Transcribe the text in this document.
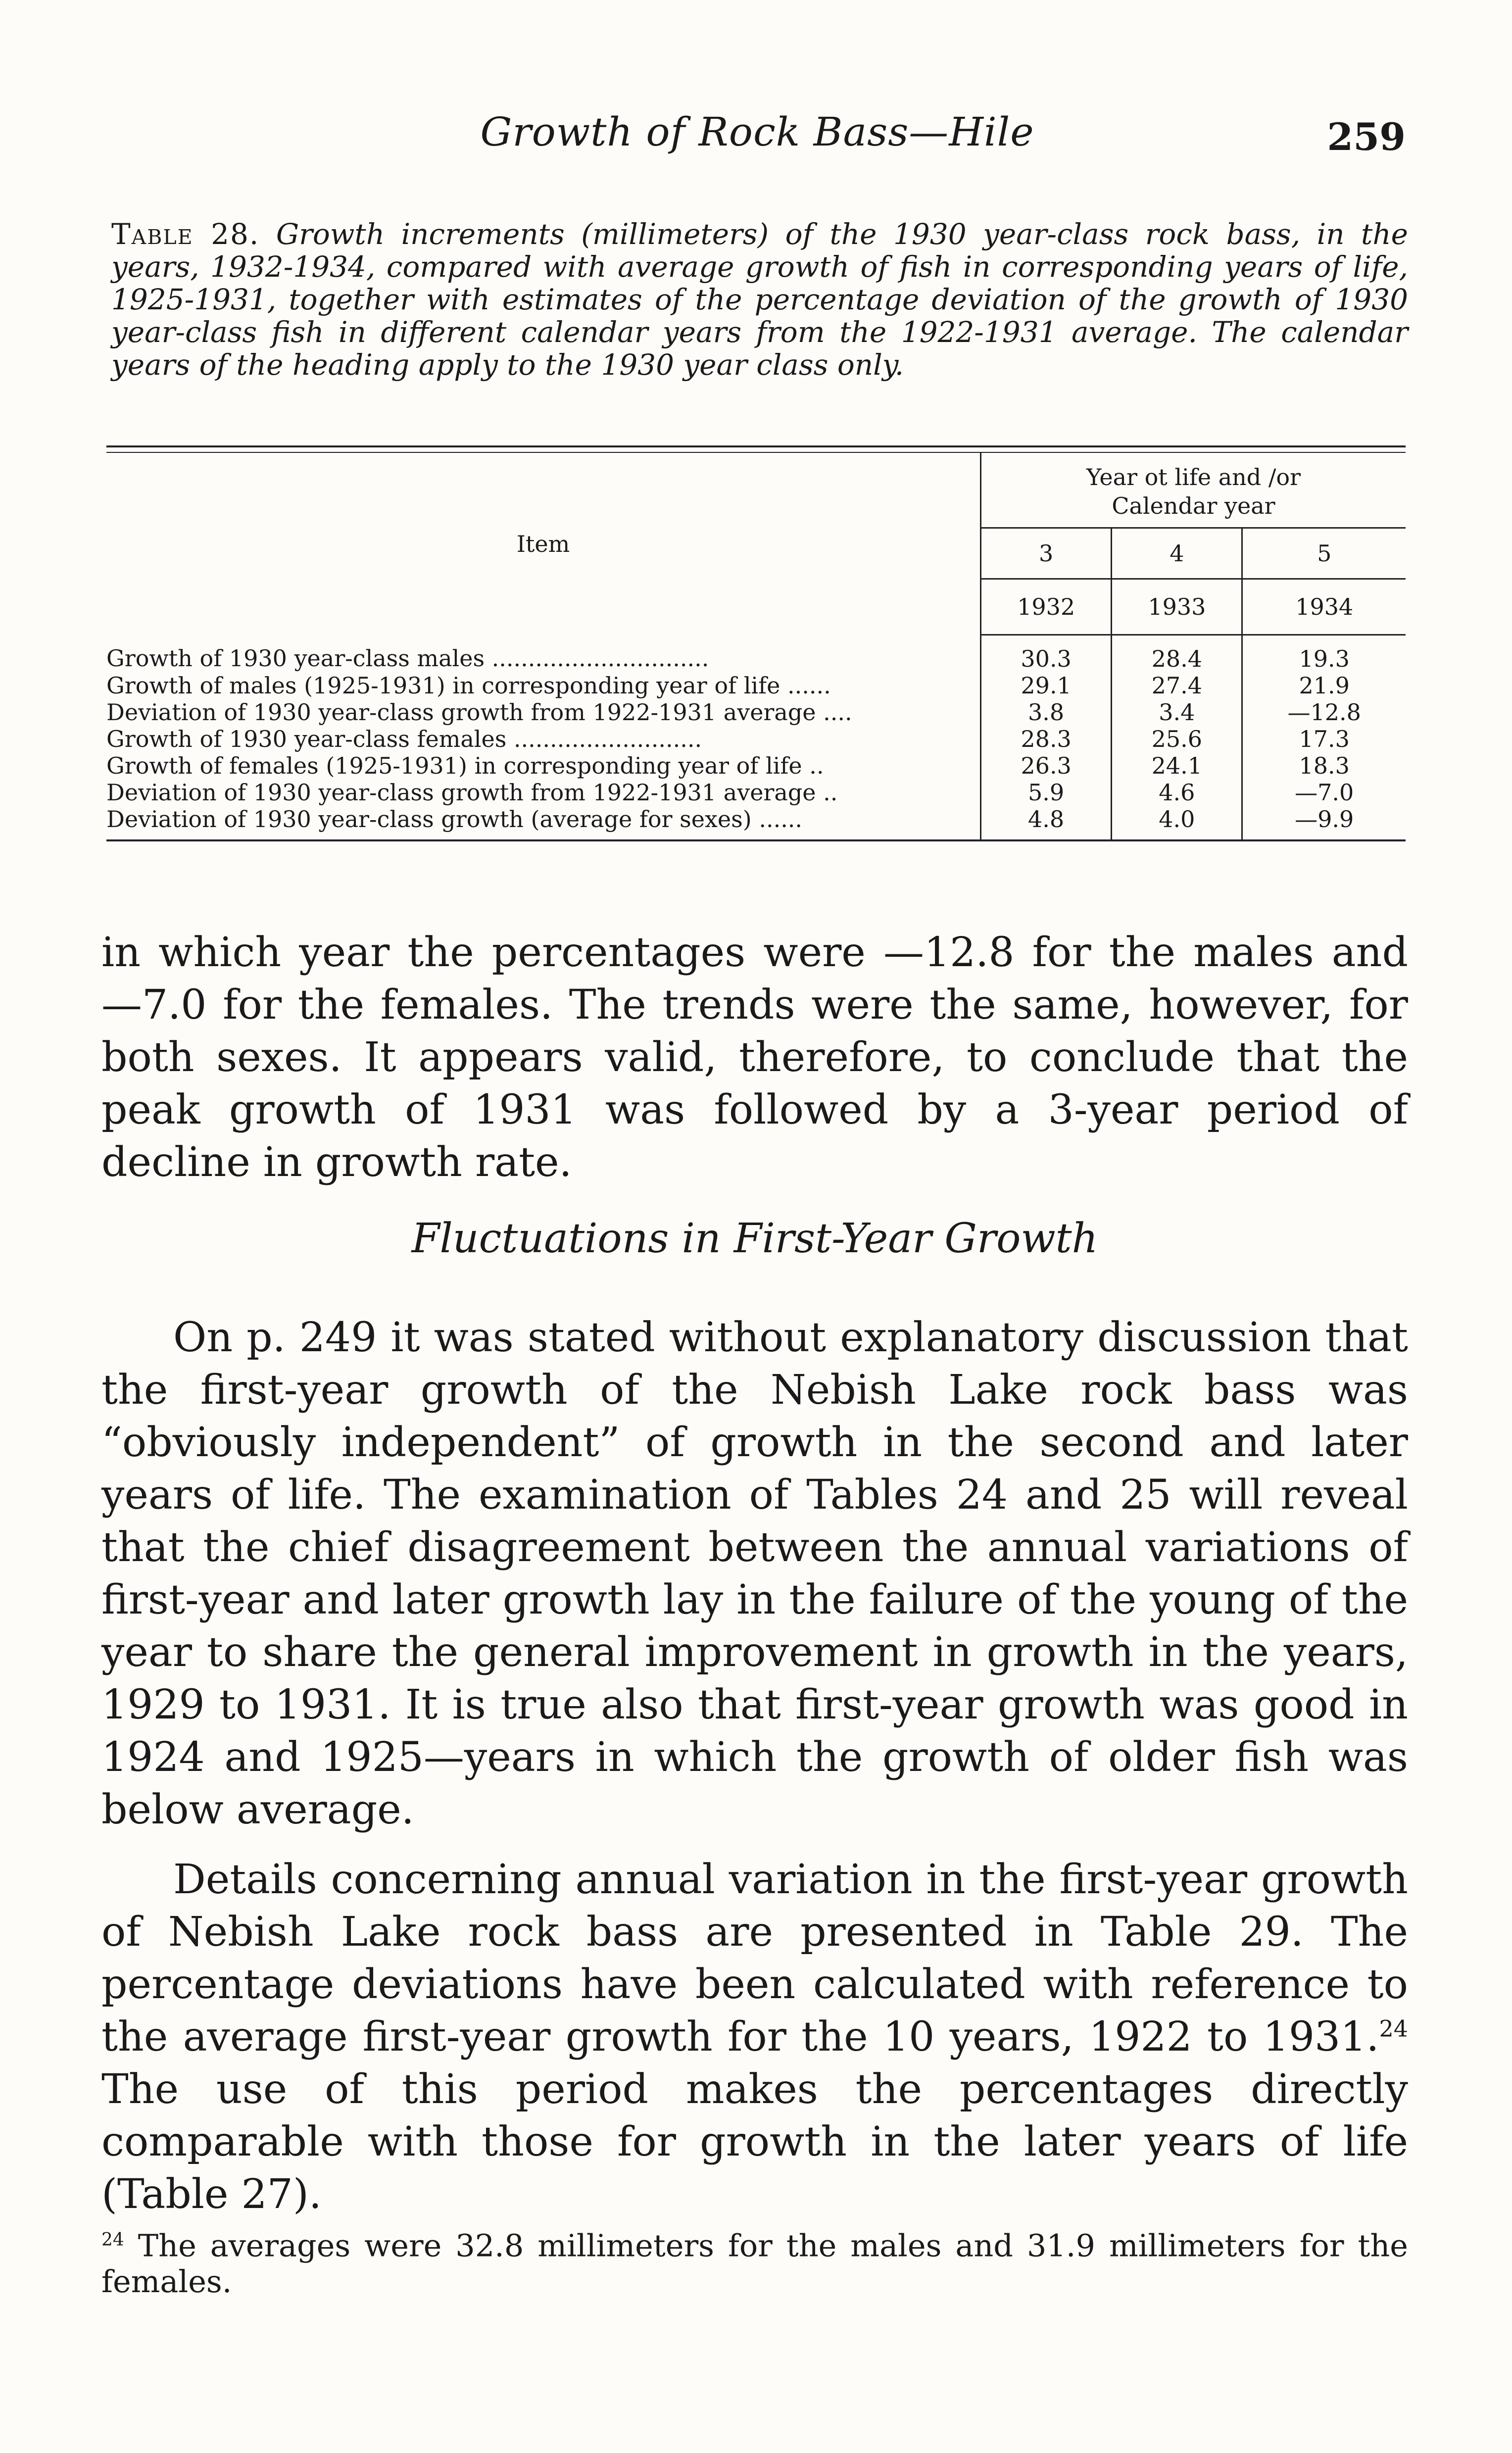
Growth of Rock Bass—Hile	259
Table 28. Growth increments (millimeters) of the 1930 year-class rock bass, in the years, 1932-1934, compared with average growth of fish in corresponding years of life, 1925-1931, together with estimates of the percentage deviation of the growth of 1930 year-class fish in different calendar years from the 1922-1931 average. The calendar years of the heading apply to the 1930 year class only.
Item	Year ot life and /or
Calendar year		

	3	4	5
	1932	1933	1934
Growth of 1930 year-class males ..............................	30.3	28.4	19.3
Growth of males (1925-1931) in corresponding year of life ......	29.1	27.4	21.9
Deviation of 1930 year-class growth from 1922-1931 average ....	3.8	3.4	—12.8
Growth of 1930 year-class females ..........................	28.3	25.6	17.3
Growth of females (1925-1931) in corresponding year of life ..	26.3	24.1	18.3
Deviation of 1930 year-class growth from 1922-1931 average ..	5.9	4.6	—7.0
Deviation of 1930 year-class growth (average for sexes) ......	4.8	4.0	—9.9

in which year the percentages were —12.8 for the males and —7.0 for the females. The trends were the same, however, for both sexes. It appears valid, therefore, to conclude that the peak growth of 1931 was followed by a 3-year period of decline in growth rate.

Fluctuations in First-Year Growth

On p. 249 it was stated without explanatory discussion that the first-year growth of the Nebish Lake rock bass was “obviously independent” of growth in the second and later years of life. The examination of Tables 24 and 25 will reveal that the chief disagreement between the annual variations of first-year and later growth lay in the failure of the young of the year to share the general improvement in growth in the years, 1929 to 1931. It is true also that first-year growth was good in 1924 and 1925—years in which the growth of older fish was below average.

Details concerning annual variation in the first-year growth of Nebish Lake rock bass are presented in Table 29. The percentage deviations have been calculated with reference to the average first-year growth for the 10 years, 1922 to 1931.24 The use of this period makes the percentages directly comparable with those for growth in the later years of life (Table 27).

$^{24}$ The averages were 32.8 millimeters for the males and 31.9 millimeters for the females.
